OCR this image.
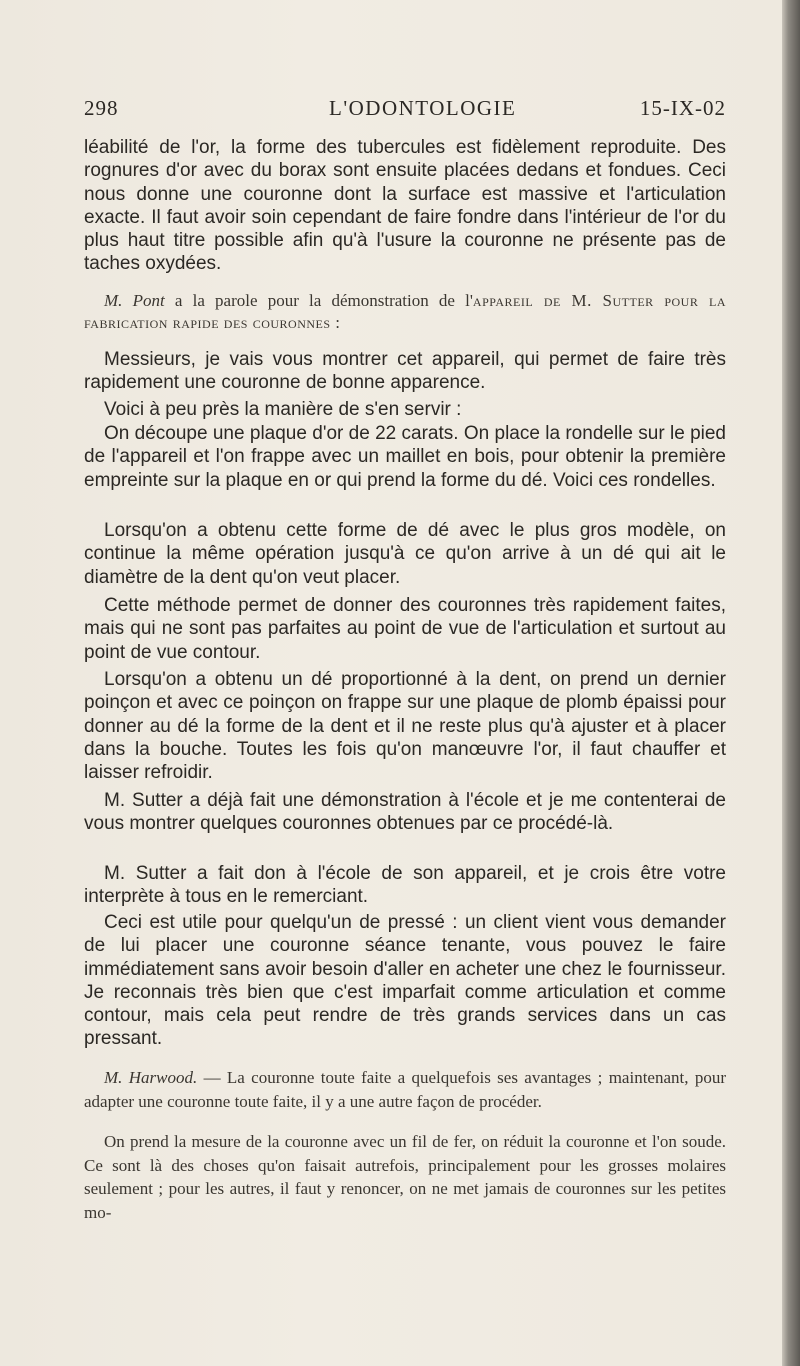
298	L'ODONTOLOGIE	15-IX-02

léabilité de l'or, la forme des tubercules est fidèlement reproduite. Des rognures d'or avec du borax sont ensuite placées dedans et fondues. Ceci nous donne une couronne dont la surface est massive et l'articulation exacte. Il faut avoir soin cependant de faire fondre dans l'intérieur de l'or du plus haut titre possible afin qu'à l'usure la couronne ne présente pas de taches oxydées.

M. Pont a la parole pour la démonstration de l'appareil de M. Sutter pour la fabrication rapide des couronnes :

Messieurs, je vais vous montrer cet appareil, qui permet de faire très rapidement une couronne de bonne apparence.

Voici à peu près la manière de s'en servir :

On découpe une plaque d'or de 22 carats. On place la rondelle sur le pied de l'appareil et l'on frappe avec un maillet en bois, pour obtenir la première empreinte sur la plaque en or qui prend la forme du dé. Voici ces rondelles.

Lorsqu'on a obtenu cette forme de dé avec le plus gros modèle, on continue la même opération jusqu'à ce qu'on arrive à un dé qui ait le diamètre de la dent qu'on veut placer.

Cette méthode permet de donner des couronnes très rapidement faites, mais qui ne sont pas parfaites au point de vue de l'articulation et surtout au point de vue contour.

Lorsqu'on a obtenu un dé proportionné à la dent, on prend un dernier poinçon et avec ce poinçon on frappe sur une plaque de plomb épaissi pour donner au dé la forme de la dent et il ne reste plus qu'à ajuster et à placer dans la bouche. Toutes les fois qu'on manœuvre l'or, il faut chauffer et laisser refroidir.

M. Sutter a déjà fait une démonstration à l'école et je me contenterai de vous montrer quelques couronnes obtenues par ce procédé-là.

M. Sutter a fait don à l'école de son appareil, et je crois être votre interprète à tous en le remerciant.

Ceci est utile pour quelqu'un de pressé : un client vient vous demander de lui placer une couronne séance tenante, vous pouvez le faire immédiatement sans avoir besoin d'aller en acheter une chez le fournisseur. Je reconnais très bien que c'est imparfait comme articulation et comme contour, mais cela peut rendre de très grands services dans un cas pressant.

M. Harwood. — La couronne toute faite a quelquefois ses avantages ; maintenant, pour adapter une couronne toute faite, il y a une autre façon de procéder.

On prend la mesure de la couronne avec un fil de fer, on réduit la couronne et l'on soude. Ce sont là des choses qu'on faisait autrefois, principalement pour les grosses molaires seulement ; pour les autres, il faut y renoncer, on ne met jamais de couronnes sur les petites mo-
